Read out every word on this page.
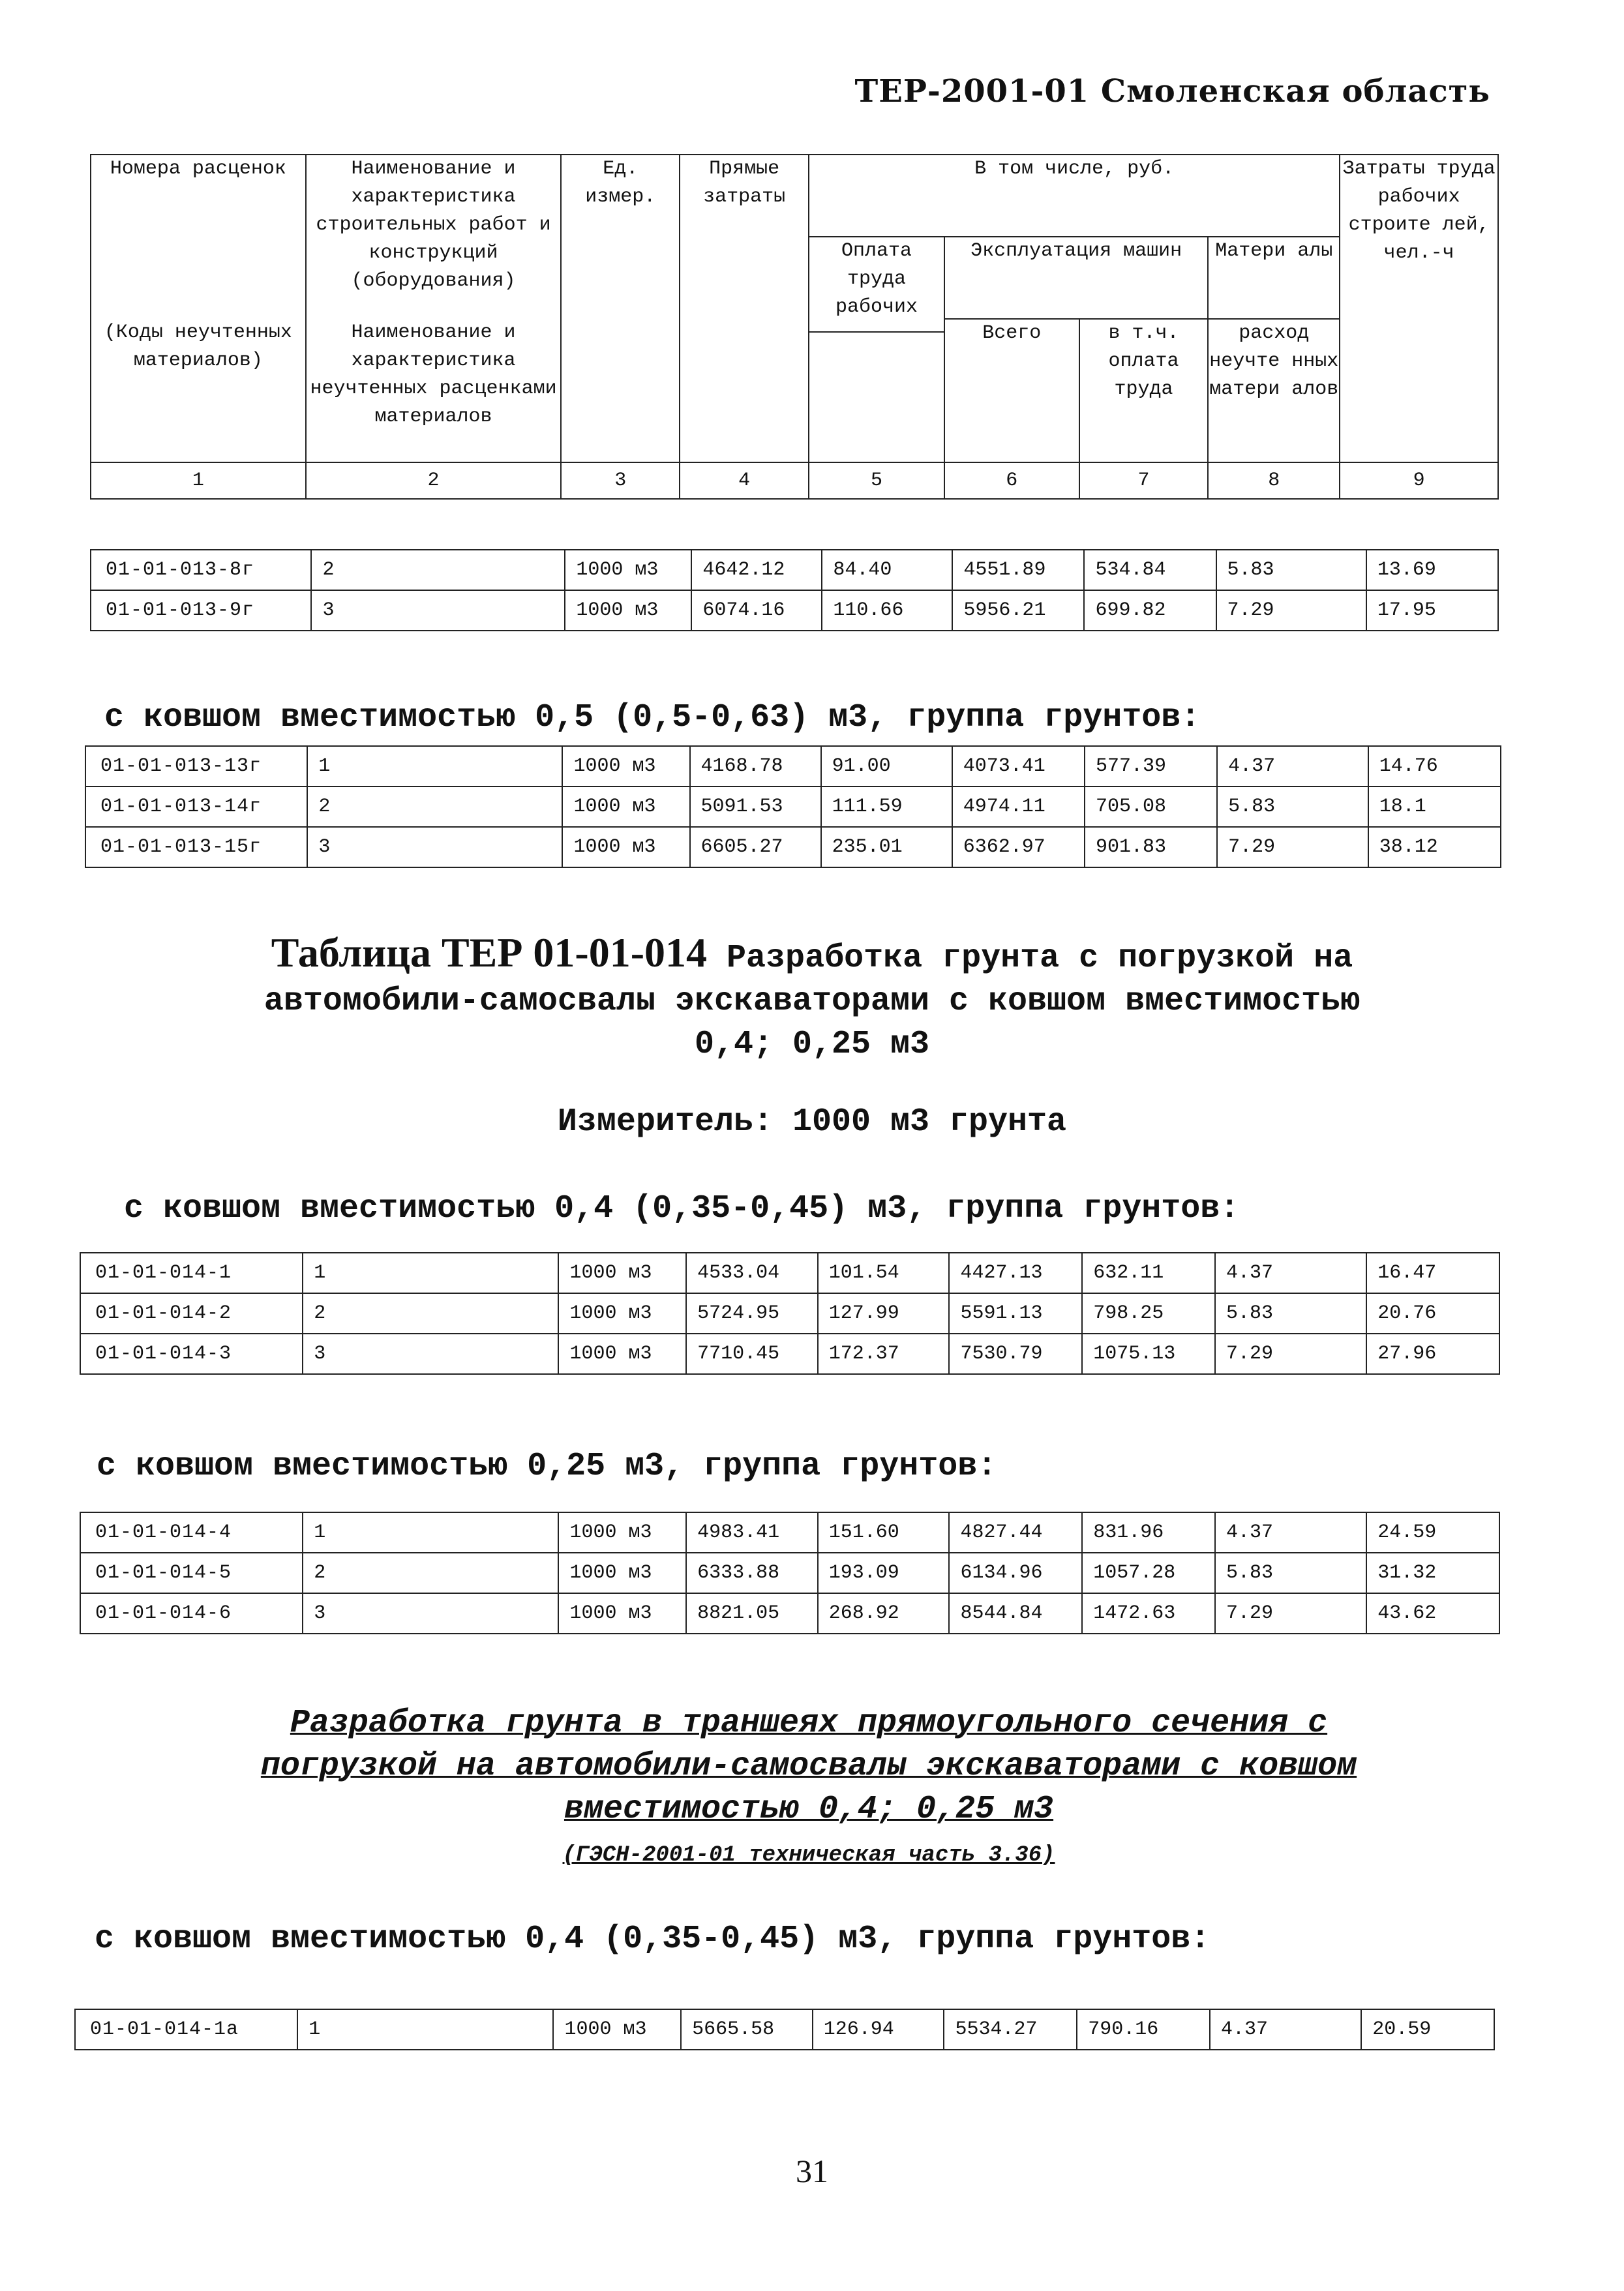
ТЕР-2001-01 Смоленская область
Номера расценок	Наименование и характеристика строительных работ и конструкций (оборудования)	Ед. измер.	Прямые затраты	В том числе, руб.				Затраты труда рабочих строите лей, чел.-ч
				Оплата труда рабочих	Эксплуатация машин		Матери алы	
(Коды неучтенных материалов)	Наименование и характеристика неучтенных расценками материалов				Всего	в т.ч. оплата труда	расход неучте нных матери алов	

1	2	3	4	5	6	7	8	9
01-01-013-8г	2	1000 м3	4642.12	84.40	4551.89	534.84	5.83	13.69
01-01-013-9г	3	1000 м3	6074.16	110.66	5956.21	699.82	7.29	17.95
с ковшом вместимостью 0,5 (0,5-0,63) м3, группа грунтов:
01-01-013-13г	1	1000 м3	4168.78	91.00	4073.41	577.39	4.37	14.76
01-01-013-14г	2	1000 м3	5091.53	111.59	4974.11	705.08	5.83	18.1
01-01-013-15г	3	1000 м3	6605.27	235.01	6362.97	901.83	7.29	38.12
Таблица ТЕР 01-01-014 Разработка грунта с погрузкой на
автомобили-самосвалы экскаваторами с ковшом вместимостью
0,4; 0,25 м3
Измеритель: 1000 м3 грунта
с ковшом вместимостью 0,4 (0,35-0,45) м3, группа грунтов:
01-01-014-1	1	1000 м3	4533.04	101.54	4427.13	632.11	4.37	16.47
01-01-014-2	2	1000 м3	5724.95	127.99	5591.13	798.25	5.83	20.76
01-01-014-3	3	1000 м3	7710.45	172.37	7530.79	1075.13	7.29	27.96
с ковшом вместимостью 0,25 м3, группа грунтов:
01-01-014-4	1	1000 м3	4983.41	151.60	4827.44	831.96	4.37	24.59
01-01-014-5	2	1000 м3	6333.88	193.09	6134.96	1057.28	5.83	31.32
01-01-014-6	3	1000 м3	8821.05	268.92	8544.84	1472.63	7.29	43.62
Разработка грунта в траншеях прямоугольного сечения с
погрузкой на автомобили-самосвалы экскаваторами с ковшом
вместимостью 0,4; 0,25 м3
(ГЭСН-2001-01 техническая часть 3.36)
с ковшом вместимостью 0,4 (0,35-0,45) м3, группа грунтов:
01-01-014-1а	1	1000 м3	5665.58	126.94	5534.27	790.16	4.37	20.59
31
